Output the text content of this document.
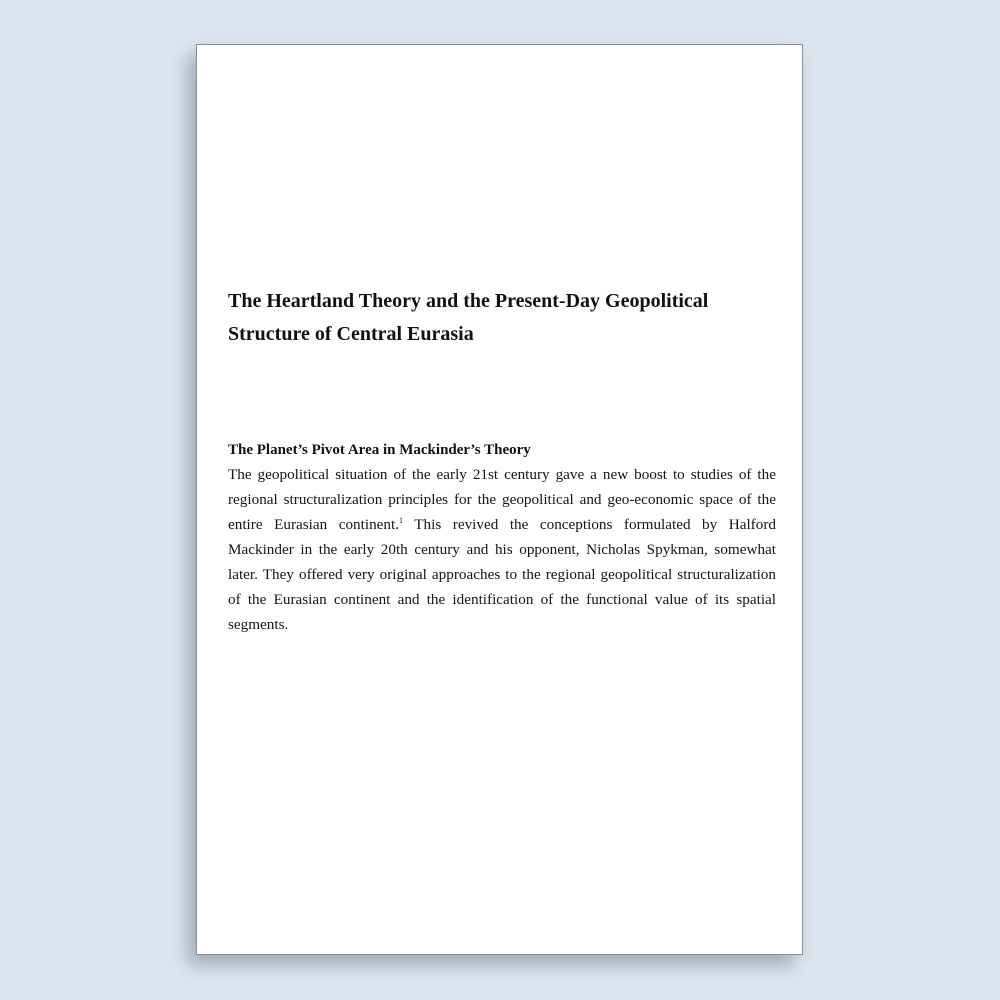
The Heartland Theory and the Present-Day Geopolitical Structure of Central Eurasia
The Planet’s Pivot Area in Mackinder’s Theory

The geopolitical situation of the early 21st century gave a new boost to studies of the regional structuralization principles for the geopolitical and geo-economic space of the entire Eurasian continent.$^1$ This revived the conceptions formulated by Halford Mackinder in the early 20th century and his opponent, Nicholas Spykman, somewhat later. They offered very original approaches to the regional geopolitical structuralization of the Eurasian continent and the identification of the functional value of its spatial segments.
